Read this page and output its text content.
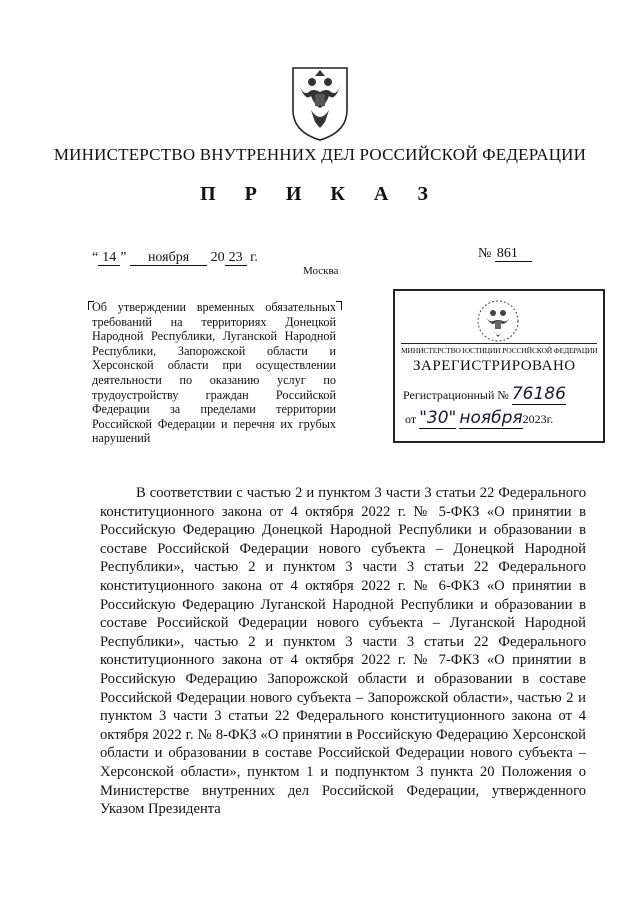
МИНИСТЕРСТВО ВНУТРЕННИХ ДЕЛ РОССИЙСКОЙ ФЕДЕРАЦИИ
П Р И К А З
“ 14 ” ноября 20 23 г.	№ 861
Москва
Об утверждении временных обязательных требований на территориях Донецкой Народной Республики, Луганской Народной Республики, Запорожской области и Херсонской области при осуществлении деятельности по оказанию услуг по трудоустройству граждан Российской Федерации за пределами территории Российской Федерации и перечня их грубых нарушений
МИНИСТЕРСТВО ЮСТИЦИИ РОССИЙСКОЙ ФЕДЕРАЦИИ
ЗАРЕГИСТРИРОВАНО
Регистрационный № 76186
от "30" ноября2023г.
В соответствии с частью 2 и пунктом 3 части 3 статьи 22 Федерального конституционного закона от 4 октября 2022 г. № 5-ФКЗ «О принятии в Российскую Федерацию Донецкой Народной Республики и образовании в составе Российской Федерации нового субъекта – Донецкой Народной Республики», частью 2 и пунктом 3 части 3 статьи 22 Федерального конституционного закона от 4 октября 2022 г. № 6-ФКЗ «О принятии в Российскую Федерацию Луганской Народной Республики и образовании в составе Российской Федерации нового субъекта – Луганской Народной Республики», частью 2 и пунктом 3 части 3 статьи 22 Федерального конституционного закона от 4 октября 2022 г. № 7-ФКЗ «О принятии в Российскую Федерацию Запорожской области и образовании в составе Российской Федерации нового субъекта – Запорожской области», частью 2 и пунктом 3 части 3 статьи 22 Федерального конституционного закона от 4 октября 2022 г. № 8-ФКЗ «О принятии в Российскую Федерацию Херсонской области и образовании в составе Российской Федерации нового субъекта – Херсонской области», пунктом 1 и подпунктом 3 пункта 20 Положения о Министерстве внутренних дел Российской Федерации, утвержденного Указом Президента
